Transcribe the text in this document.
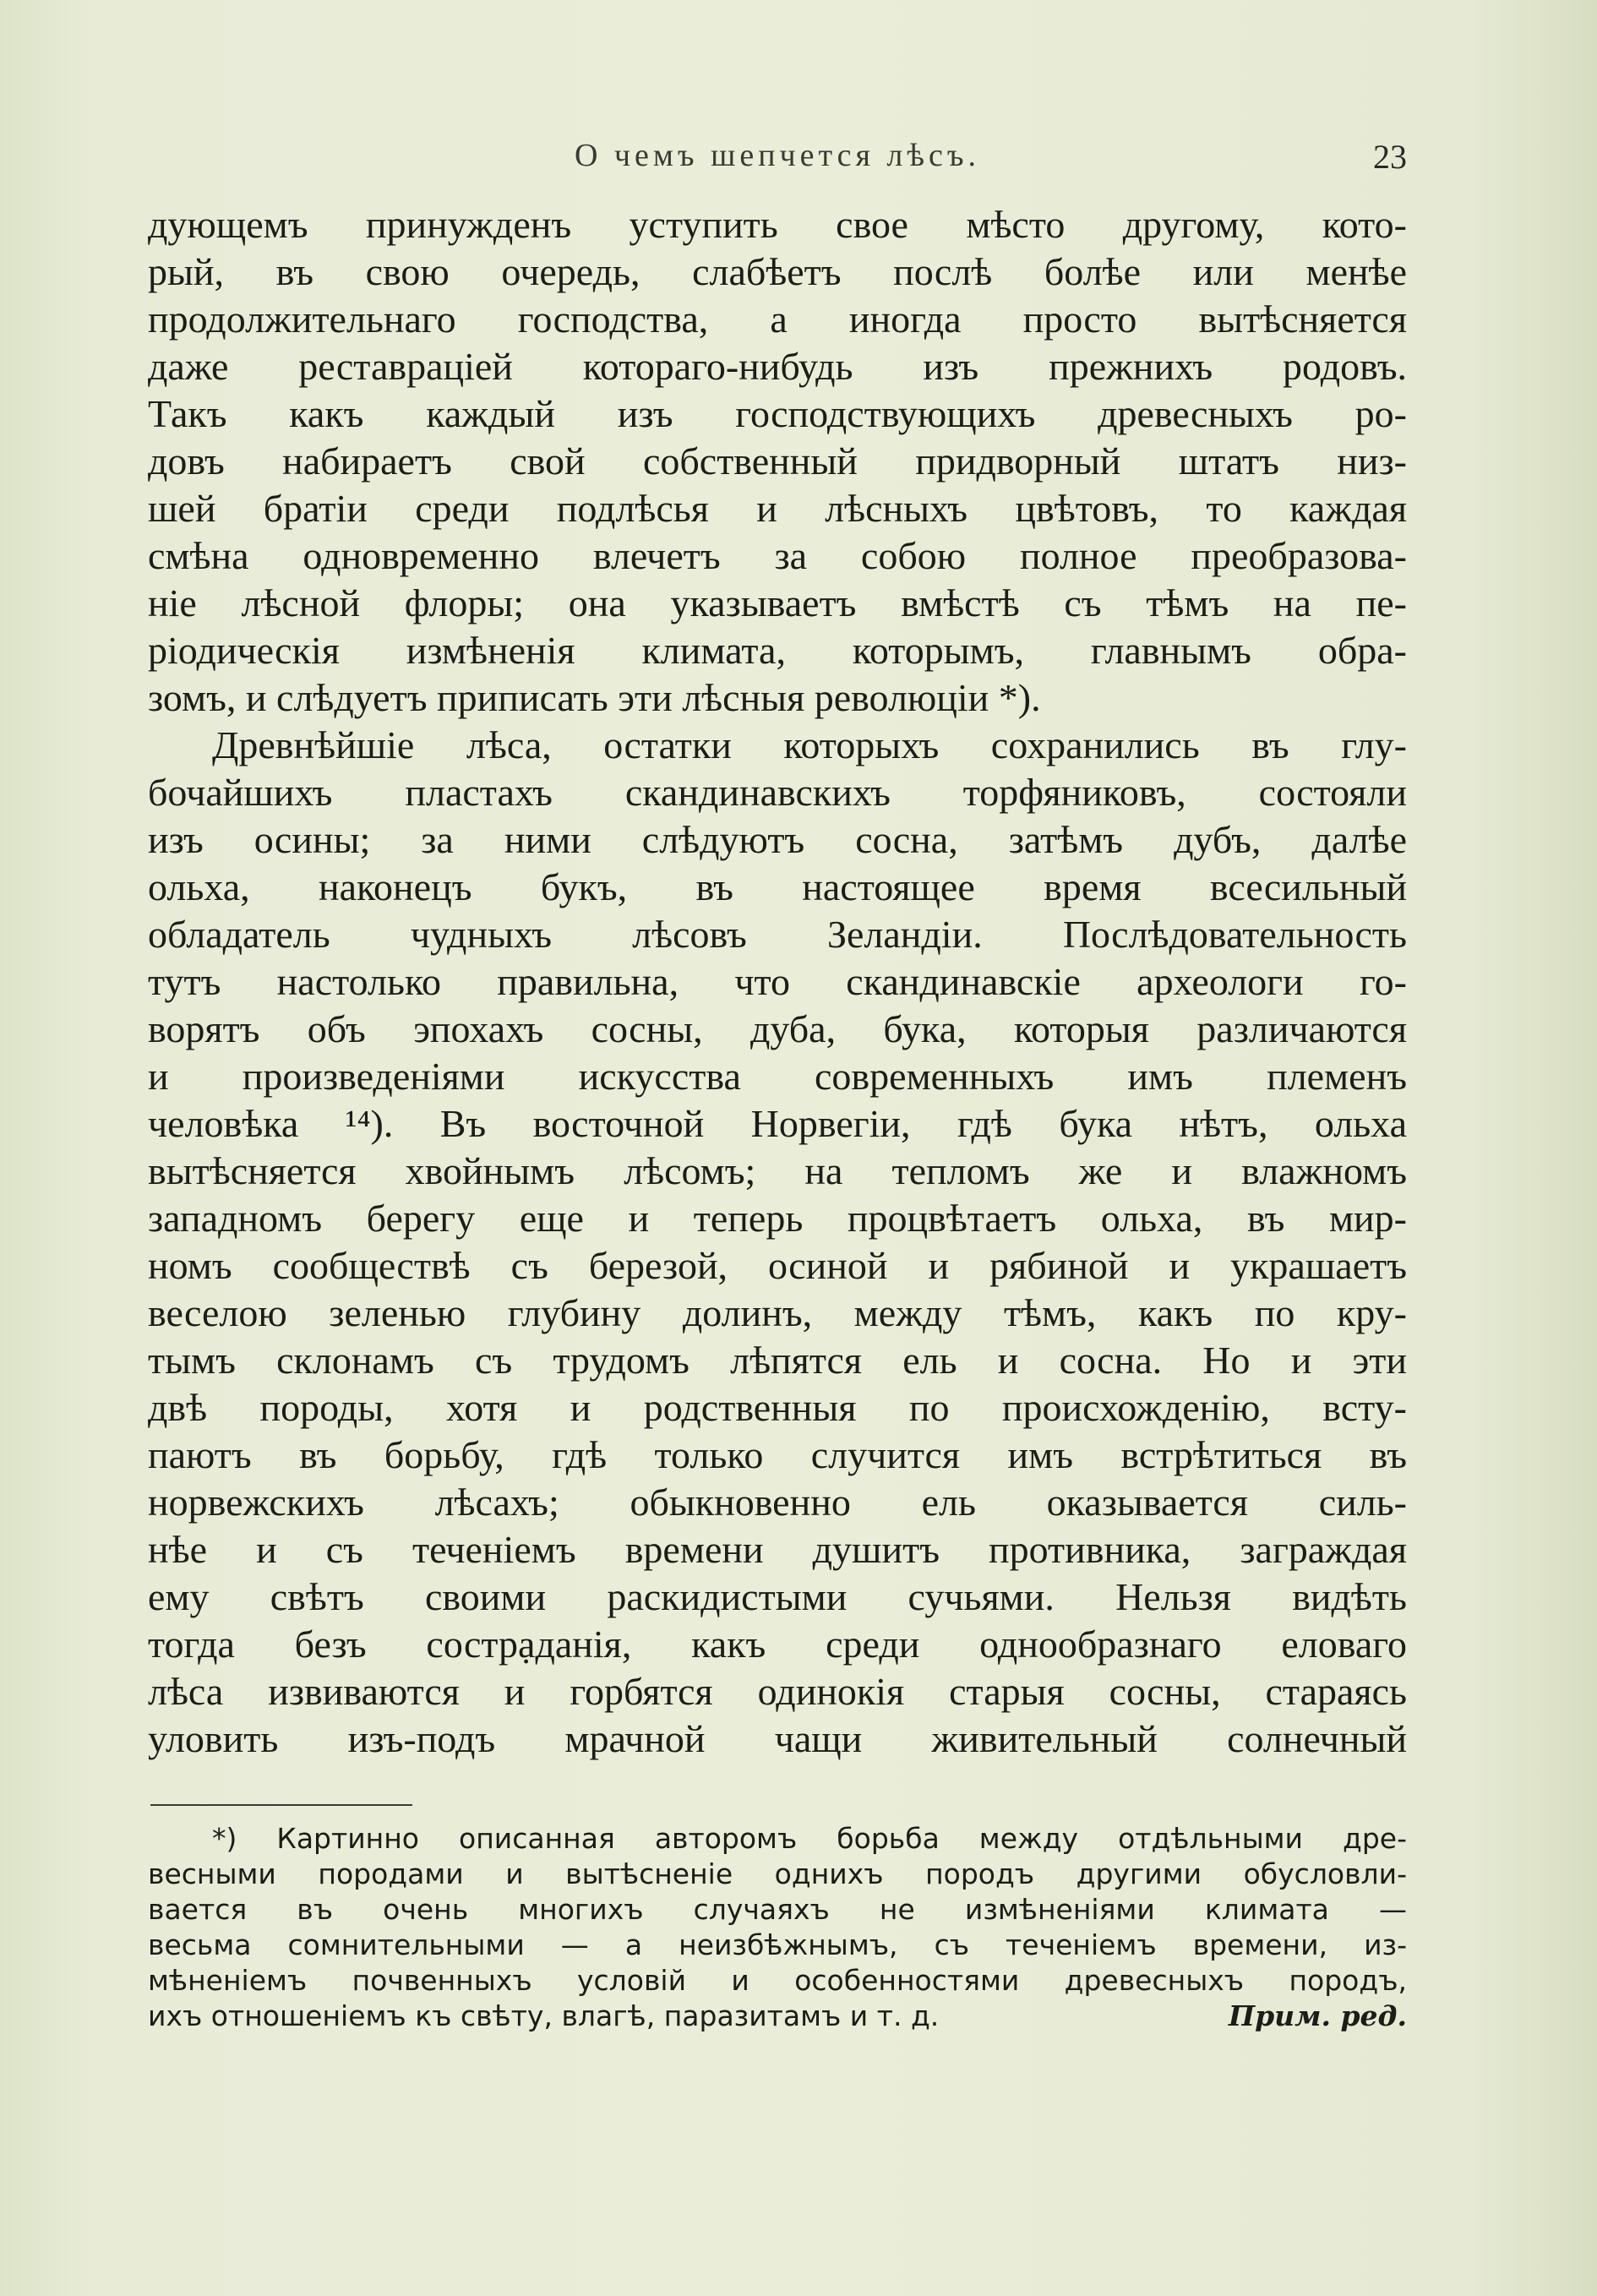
О чемъ шепчется лѣсъ.	23
дующемъ принужденъ уступить свое мѣсто другому, кото-
рый, въ свою очередь, слабѣетъ послѣ болѣе или менѣе
продолжительнаго господства, а иногда просто вытѣсняется
даже реставраціей котораго-нибудь изъ прежнихъ родовъ.
Такъ какъ каждый изъ господствующихъ древесныхъ ро-
довъ набираетъ свой собственный придворный штатъ низ-
шей братіи среди подлѣсья и лѣсныхъ цвѣтовъ, то каждая
смѣна одновременно влечетъ за собою полное преобразова-
ніе лѣсной флоры; она указываетъ вмѣстѣ съ тѣмъ на пе-
ріодическія измѣненія климата, которымъ, главнымъ обра-
зомъ, и слѣдуетъ приписать эти лѣсныя революціи *).
Древнѣйшіе лѣса, остатки которыхъ сохранились въ глу-
бочайшихъ пластахъ скандинавскихъ торфяниковъ, состояли
изъ осины; за ними слѣдуютъ сосна, затѣмъ дубъ, далѣе
ольха, наконецъ букъ, въ настоящее время всесильный
обладатель чудныхъ лѣсовъ Зеландіи. Послѣдовательность
тутъ настолько правильна, что скандинавскіе археологи го-
ворятъ объ эпохахъ сосны, дуба, бука, которыя различаются
и произведеніями искусства современныхъ имъ племенъ
человѣка ¹⁴). Въ восточной Норвегіи, гдѣ бука нѣтъ, ольха
вытѣсняется хвойнымъ лѣсомъ; на тепломъ же и влажномъ
западномъ берегу еще и теперь процвѣтаетъ ольха, въ мир-
номъ сообществѣ съ березой, осиной и рябиной и украшаетъ
веселою зеленью глубину долинъ, между тѣмъ, какъ по кру-
тымъ склонамъ съ трудомъ лѣпятся ель и сосна. Но и эти
двѣ породы, хотя и родственныя по происхожденію, всту-
паютъ въ борьбу, гдѣ только случится имъ встрѣтиться въ
норвежскихъ лѣсахъ; обыкновенно ель оказывается силь-
нѣе и съ теченіемъ времени душитъ противника, заграждая
ему свѣтъ своими раскидистыми сучьями. Нельзя видѣть
тогда безъ сострạданія, какъ среди однообразнаго еловаго
лѣса извиваются и горбятся одинокія старыя сосны, стараясь
уловить изъ-подъ мрачной чащи живительный солнечный
*) Картинно описанная авторомъ борьба между отдѣльными дре-
весными породами и вытѣсненіе однихъ породъ другими обусловли-
вается въ очень многихъ случаяхъ не измѣненіями климата —
весьма сомнительными — а неизбѣжнымъ, съ теченіемъ времени, из-
мѣненіемъ почвенныхъ условій и особенностями древесныхъ породъ,
ихъ отношеніемъ къ свѣту, влагѣ, паразитамъ и т. д.	Прим. ред.
